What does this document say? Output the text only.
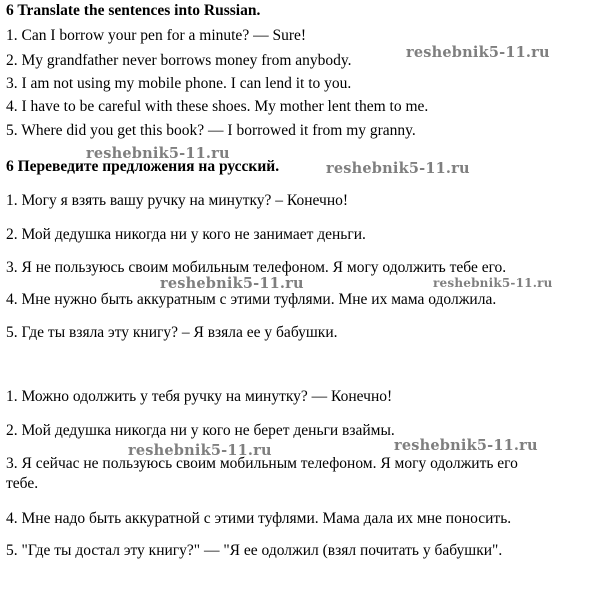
6 Translate the sentences into Russian.
1. Can I borrow your pen for a minute? — Sure!
2. My grandfather never borrows money from anybody.
3. I am not using my mobile phone. I can lend it to you.
4. I have to be careful with these shoes. My mother lent them to me.
5. Where did you get this book? — I borrowed it from my granny.
6 Переведите предложения на русский.
1. Могу я взять вашу ручку на минутку? – Конечно!
2. Мой дедушка никогда ни у кого не занимает деньги.
3. Я не пользуюсь своим мобильным телефоном. Я могу одолжить тебе его.
4. Мне нужно быть аккуратным с этими туфлями. Мне их мама одолжила.
5. Где ты взяла эту книгу? – Я взяла ее у бабушки.
1. Можно одолжить у тебя ручку на минутку? — Конечно!
2. Мой дедушка никогда ни у кого не берет деньги взаймы.
3. Я сейчас не пользуюсь своим мобильным телефоном. Я могу одолжить его
тебе.
4. Мне надо быть аккуратной с этими туфлями. Мама дала их мне поносить.
5. "Где ты достал эту книгу?" — "Я ее одолжил (взял почитать у бабушки".
reshebnik5-11.ru
reshebnik5-11.ru
reshebnik5-11.ru
reshebnik5-11.ru	reshebnik5-11.ru
reshebnik5-11.ru	reshebnik5-11.ru
